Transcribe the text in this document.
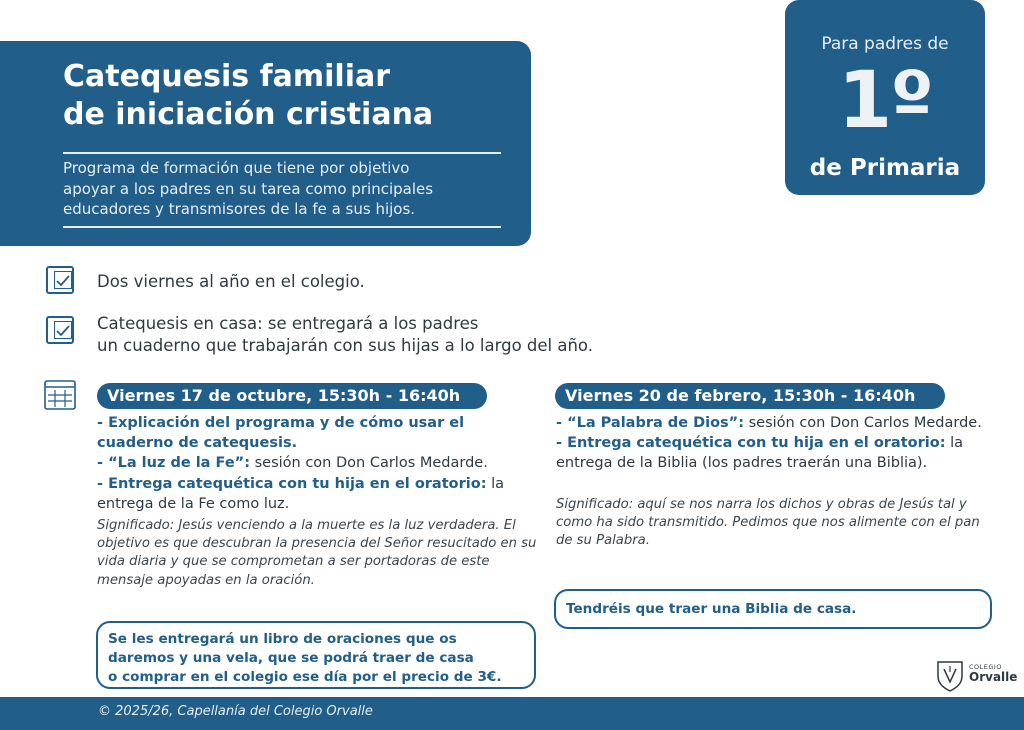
Catequesis familiar
de iniciación cristiana
Programa de formación que tiene por objetivo
apoyar a los padres en su tarea como principales
educadores y transmisores de la fe a sus hijos.
Para padres de
1º
de Primaria
Dos viernes al año en el colegio.
Catequesis en casa: se entregará a los padres
un cuaderno que trabajarán con sus hijas a lo largo del año.
Viernes 17 de octubre, 15:30h - 16:40h
- Explicación del programa y de cómo usar el cuaderno de catequesis.
- “La luz de la Fe”: sesión con Don Carlos Medarde.
- Entrega catequética con tu hija en el oratorio: la entrega de la Fe como luz.
Significado: Jesús venciendo a la muerte es la luz verdadera. El objetivo es que descubran la presencia del Señor resucitado en su vida diaria y que se comprometan a ser portadoras de este mensaje apoyadas en la oración.
Se les entregará un libro de oraciones que os
daremos y una vela, que se podrá traer de casa
o comprar en el colegio ese día por el precio de 3€.
Viernes 20 de febrero, 15:30h - 16:40h
- “La Palabra de Dios”: sesión con Don Carlos Medarde.
- Entrega catequética con tu hija en el oratorio: la entrega de la Biblia (los padres traerán una Biblia).
Significado: aquí se nos narra los dichos y obras de Jesús tal y como ha sido transmitido. Pedimos que nos alimente con el pan de su Palabra.
Tendréis que traer una Biblia de casa.
COLEGIO
Orvalle
© 2025/26, Capellanía del Colegio Orvalle
